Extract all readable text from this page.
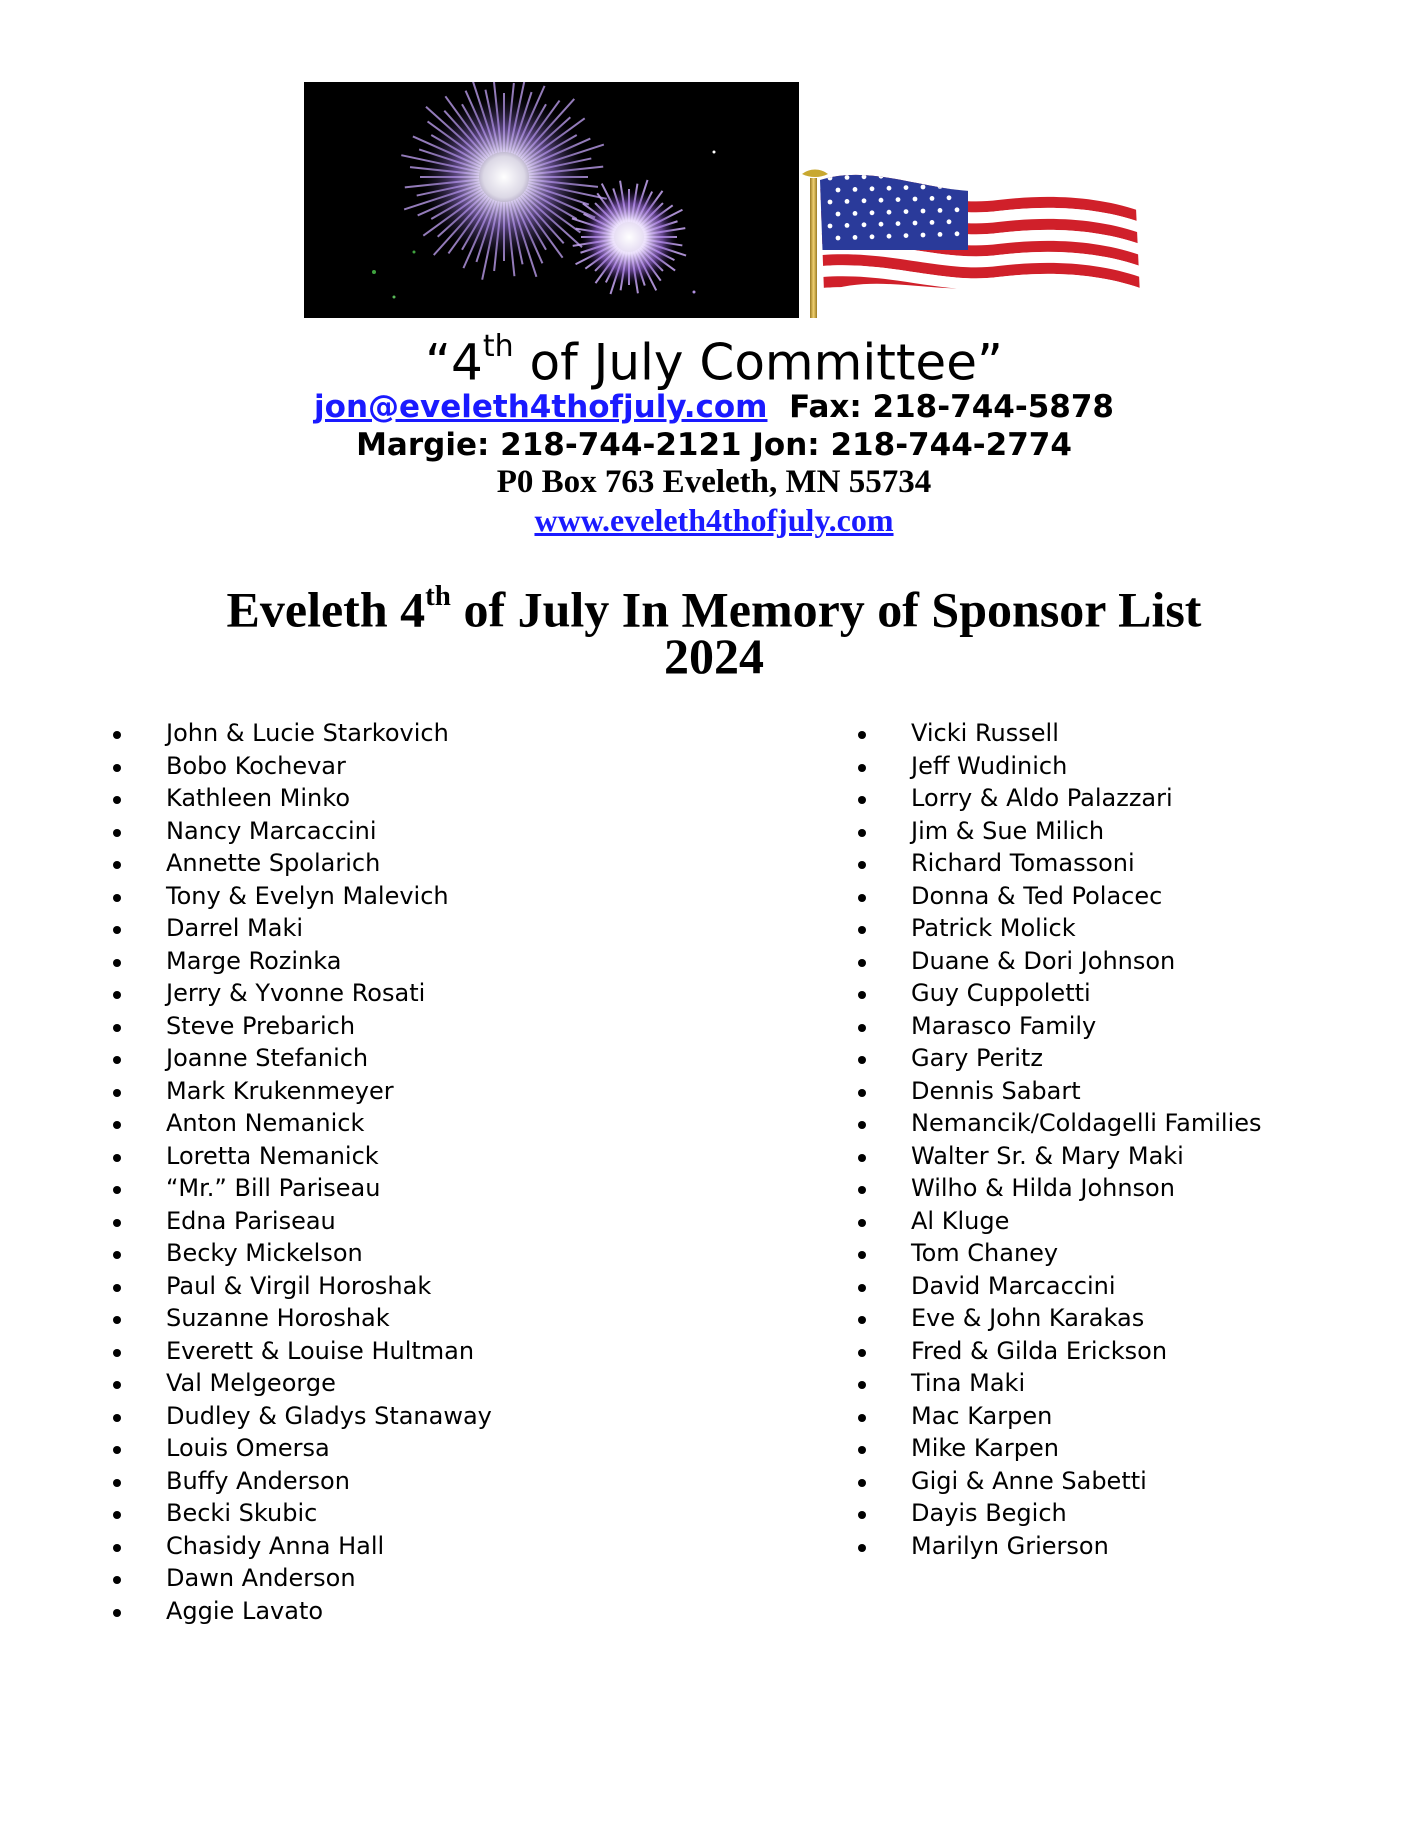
“4th of July Committee”
jon@eveleth4thofjuly.com Fax: 218-744-5878
Margie: 218-744-2121 Jon: 218-744-2774
P0 Box 763 Eveleth, MN 55734
www.eveleth4thofjuly.com
Eveleth 4th of July In Memory of Sponsor List
2024
John & Lucie Starkovich
Bobo Kochevar
Kathleen Minko
Nancy Marcaccini
Annette Spolarich
Tony & Evelyn Malevich
Darrel Maki
Marge Rozinka
Jerry & Yvonne Rosati
Steve Prebarich
Joanne Stefanich
Mark Krukenmeyer
Anton Nemanick
Loretta Nemanick
“Mr.” Bill Pariseau
Edna Pariseau
Becky Mickelson
Paul & Virgil Horoshak
Suzanne Horoshak
Everett & Louise Hultman
Val Melgeorge
Dudley & Gladys Stanaway
Louis Omersa
Buffy Anderson
Becki Skubic
Chasidy Anna Hall
Dawn Anderson
Aggie Lavato
Vicki Russell
Jeff Wudinich
Lorry & Aldo Palazzari
Jim & Sue Milich
Richard Tomassoni
Donna & Ted Polacec
Patrick Molick
Duane & Dori Johnson
Guy Cuppoletti
Marasco Family
Gary Peritz
Dennis Sabart
Nemancik/Coldagelli Families
Walter Sr. & Mary Maki
Wilho & Hilda Johnson
Al Kluge
Tom Chaney
David Marcaccini
Eve & John Karakas
Fred & Gilda Erickson
Tina Maki
Mac Karpen
Mike Karpen
Gigi & Anne Sabetti
Dayis Begich
Marilyn Grierson
